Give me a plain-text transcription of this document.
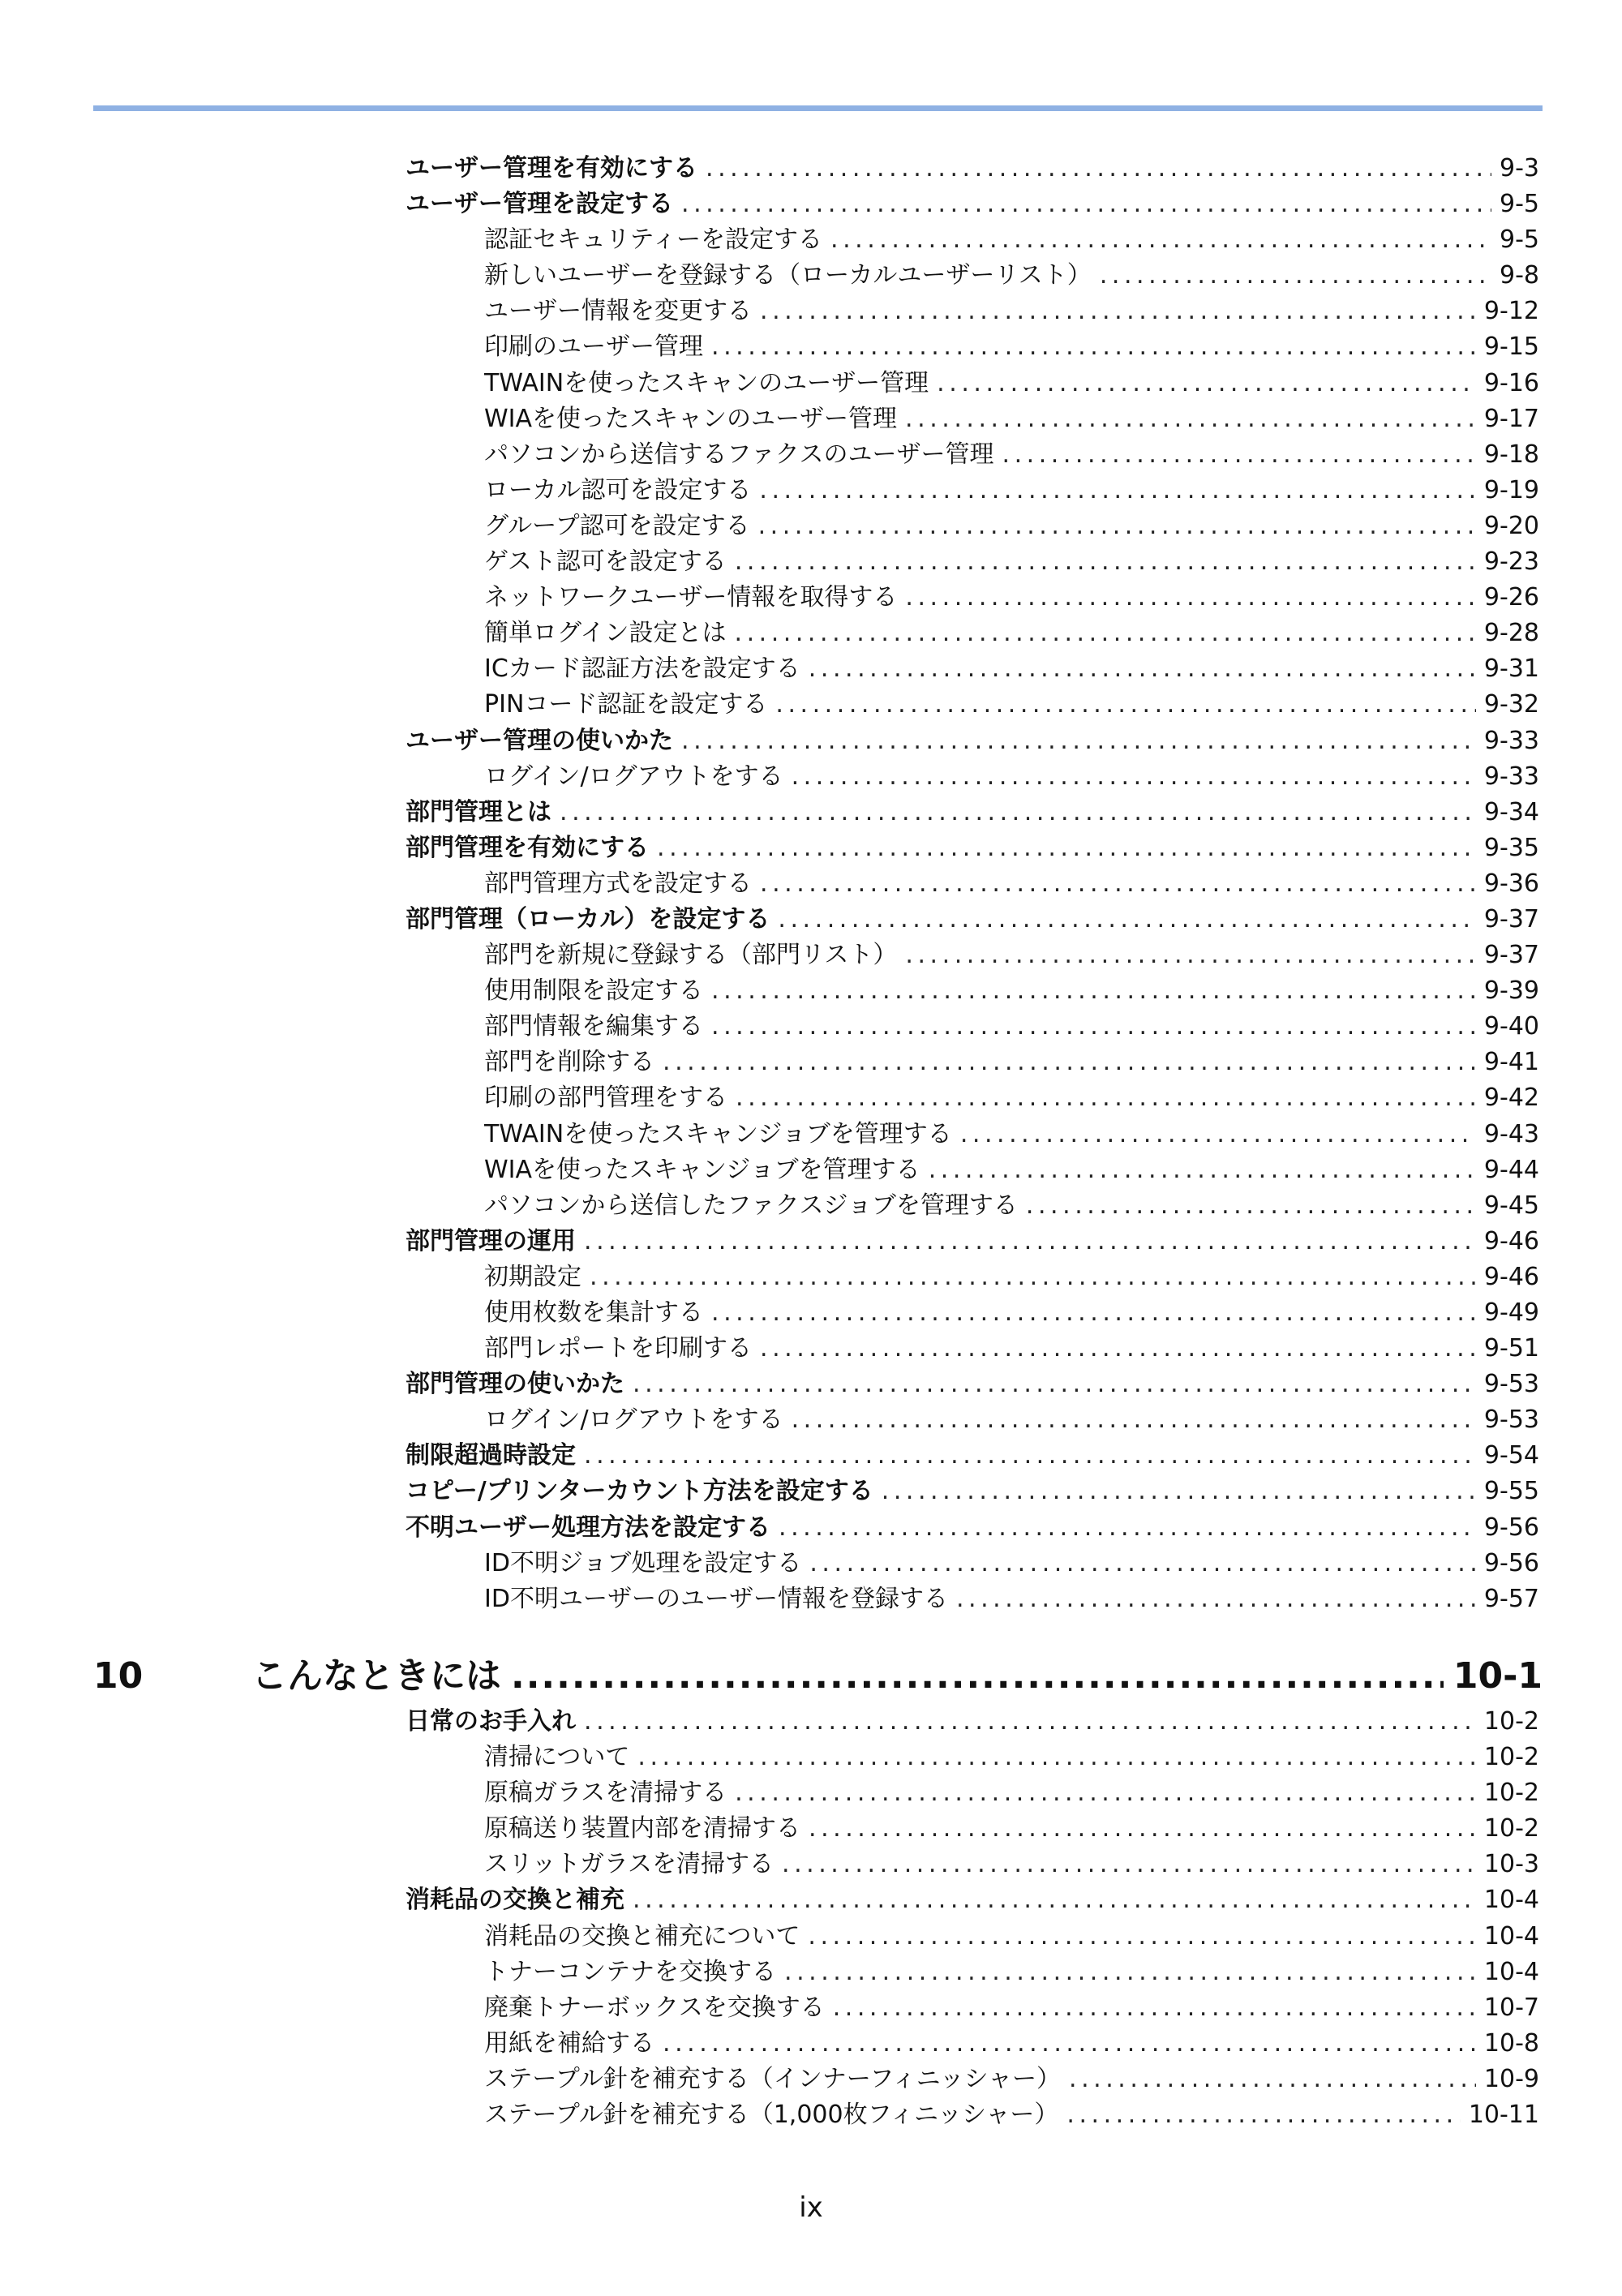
ユーザー管理を有効にする . . .	9-3
ユーザー管理を設定する . . .	9-5
認証セキュリティーを設定する . . .	9-5
新しいユーザーを登録する（ローカルユーザーリスト） . . .	9-8
ユーザー情報を変更する . . .	9-12
印刷のユーザー管理 . . .	9-15
TWAINを使ったスキャンのユーザー管理 . . .	9-16
WIAを使ったスキャンのユーザー管理 . . .	9-17
パソコンから送信するファクスのユーザー管理 . . .	9-18
ローカル認可を設定する . . .	9-19
グループ認可を設定する . . .	9-20
ゲスト認可を設定する . . .	9-23
ネットワークユーザー情報を取得する . . .	9-26
簡単ログイン設定とは . . .	9-28
ICカード認証方法を設定する . . .	9-31
PINコード認証を設定する . . .	9-32
ユーザー管理の使いかた . . .	9-33
ログイン/ログアウトをする . . .	9-33
部門管理とは . . .	9-34
部門管理を有効にする . . .	9-35
部門管理方式を設定する . . .	9-36
部門管理（ローカル）を設定する . . .	9-37
部門を新規に登録する（部門リスト） . . .	9-37
使用制限を設定する . . .	9-39
部門情報を編集する . . .	9-40
部門を削除する . . .	9-41
印刷の部門管理をする . . .	9-42
TWAINを使ったスキャンジョブを管理する . . .	9-43
WIAを使ったスキャンジョブを管理する . . .	9-44
パソコンから送信したファクスジョブを管理する . . .	9-45
部門管理の運用 . . .	9-46
初期設定 . . .	9-46
使用枚数を集計する . . .	9-49
部門レポートを印刷する . . .	9-51
部門管理の使いかた . . .	9-53
ログイン/ログアウトをする . . .	9-53
制限超過時設定 . . .	9-54
コピー/プリンターカウント方法を設定する . . .	9-55
不明ユーザー処理方法を設定する . . .	9-56
ID不明ジョブ処理を設定する . . .	9-56
ID不明ユーザーのユーザー情報を登録する . . .	9-57
10	こんなときには .....	10-1
日常のお手入れ . . .	10-2
清掃について . . .	10-2
原稿ガラスを清掃する . . .	10-2
原稿送り装置内部を清掃する . . .	10-2
スリットガラスを清掃する . . .	10-3
消耗品の交換と補充 . . .	10-4
消耗品の交換と補充について . . .	10-4
トナーコンテナを交換する . . .	10-4
廃棄トナーボックスを交換する . . .	10-7
用紙を補給する . . .	10-8
ステープル針を補充する（インナーフィニッシャー） . . .	10-9
ステープル針を補充する（1,000枚フィニッシャー） . . .	10-11
ix
